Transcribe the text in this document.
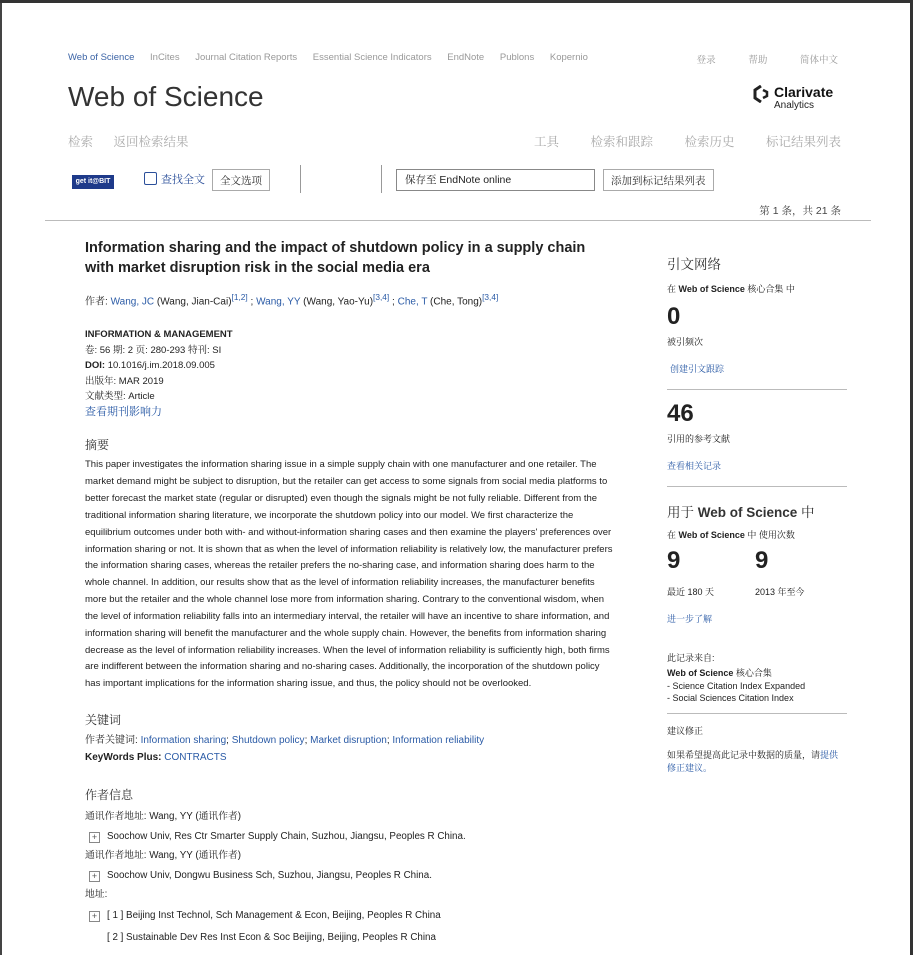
Web of Science InCites Journal Citation Reports Essential Science Indicators EndNote Publons Kopernio	登录	帮助	简体中文
Web of Science	Clarivate
Analytics
检索 返回检索结果	工具	检索和跟踪	检索历史	标记结果列表
get it@BIT	查找全文	全文选项	保存至 EndNote online	添加到标记结果列表
第 1 条，共 21 条
Information sharing and the impact of shutdown policy in a supply chain with market disruption risk in the social media era
作者: Wang, JC (Wang, Jian-Cai)[1,2] ; Wang, YY (Wang, Yao-Yu)[3,4] ; Che, T (Che, Tong)[3,4]
INFORMATION & MANAGEMENT
卷: 56 期: 2 页: 280-293 特刊: SI
DOI: 10.1016/j.im.2018.09.005
出版年: MAR 2019
文献类型: Article
查看期刊影响力
摘要

This paper investigates the information sharing issue in a simple supply chain with one manufacturer and one retailer. The market demand might be subject to disruption, but the retailer can get access to some signals from social media platforms to better forecast the market state (regular or disrupted) even though the signals might be not fully reliable. Different from the traditional information sharing literature, we incorporate the shutdown policy into our model. We first characterize the equilibrium outcomes under both with- and without-information sharing cases and then examine the players' preferences over information sharing or not. It is shown that as when the level of information reliability is relatively low, the manufacturer prefers the information sharing cases, whereas the retailer prefers the no-sharing case, and information sharing does harm to the whole channel. In addition, our results show that as the level of information reliability increases, the manufacturer benefits more but the retailer and the whole channel lose more from information sharing. Contrary to the conventional wisdom, when the level of information reliability falls into an intermediary interval, the retailer will have an incentive to share information, and information sharing will benefit the manufacturer and the whole supply chain. However, the benefits from information sharing decrease as the level of information reliability increases. When the level of information reliability is sufficiently high, both firms are indifferent between the information sharing and no-sharing cases. Additionally, the incorporation of the shutdown policy has important implications for the information sharing issue, and thus, the policy should not be overlooked.

关键词
作者关键词: Information sharing; Shutdown policy; Market disruption; Information reliability
KeyWords Plus: CONTRACTS
作者信息
通讯作者地址: Wang, YY (通讯作者)
+ Soochow Univ, Res Ctr Smarter Supply Chain, Suzhou, Jiangsu, Peoples R China.
通讯作者地址: Wang, YY (通讯作者)
+ Soochow Univ, Dongwu Business Sch, Suzhou, Jiangsu, Peoples R China.
地址:
+ [ 1 ] Beijing Inst Technol, Sch Management & Econ, Beijing, Peoples R China
[ 2 ] Sustainable Dev Res Inst Econ & Soc Beijing, Beijing, Peoples R China
引文网络
在 Web of Science 核心合集 中
0
被引频次
创建引文跟踪
46
引用的参考文献
查看相关记录
用于 Web of Science 中
在 Web of Science 中 使用次数
9
最近 180 天
9
2013 年至今
进一步了解
此记录来自:
Web of Science 核心合集
- Science Citation Index Expanded
- Social Sciences Citation Index
建议修正
如果希望提高此记录中数据的质量，请提供修正建议。
